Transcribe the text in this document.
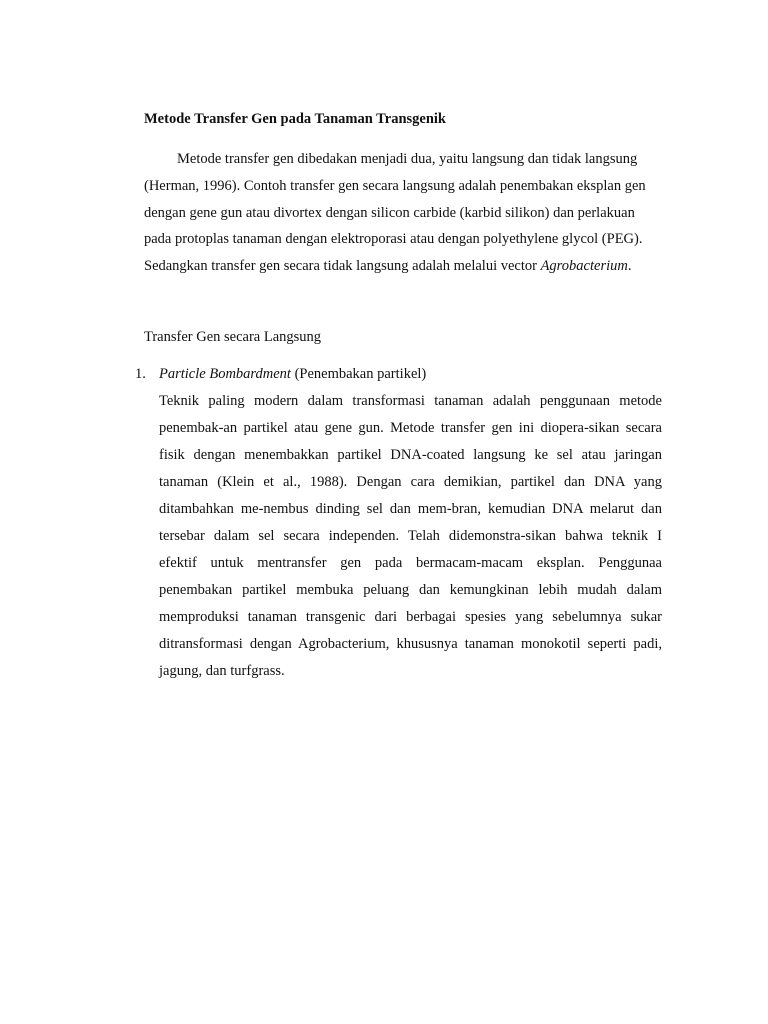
Metode Transfer Gen pada Tanaman Transgenik
Metode transfer gen dibedakan menjadi dua, yaitu langsung dan tidak langsung
(Herman, 1996). Contoh transfer gen secara langsung adalah penembakan eksplan gen
dengan gene gun atau divortex dengan silicon carbide (karbid silikon) dan perlakuan
pada protoplas tanaman dengan elektroporasi atau dengan polyethylene glycol (PEG).
Sedangkan transfer gen secara tidak langsung adalah melalui vector Agrobacterium.
Transfer Gen secara Langsung
1. Particle Bombardment (Penembakan partikel)
Teknik paling modern dalam transformasi tanaman adalah penggunaan metode
penembak-an partikel atau gene gun. Metode transfer gen ini diopera-sikan secara
fisik dengan menembakkan partikel DNA-coated langsung ke sel atau jaringan
tanaman (Klein et al., 1988). Dengan cara demikian, partikel dan DNA yang
ditambahkan me-nembus dinding sel dan mem-bran, kemudian DNA melarut dan
tersebar dalam sel secara independen. Telah didemonstra-sikan bahwa teknik I
efektif untuk mentransfer gen pada bermacam-macam eksplan. Penggunaa
penembakan partikel membuka peluang dan kemungkinan lebih mudah dalam
memproduksi tanaman transgenic dari berbagai spesies yang sebelumnya sukar
ditransformasi dengan Agrobacterium, khususnya tanaman monokotil seperti padi,
jagung, dan turfgrass.
